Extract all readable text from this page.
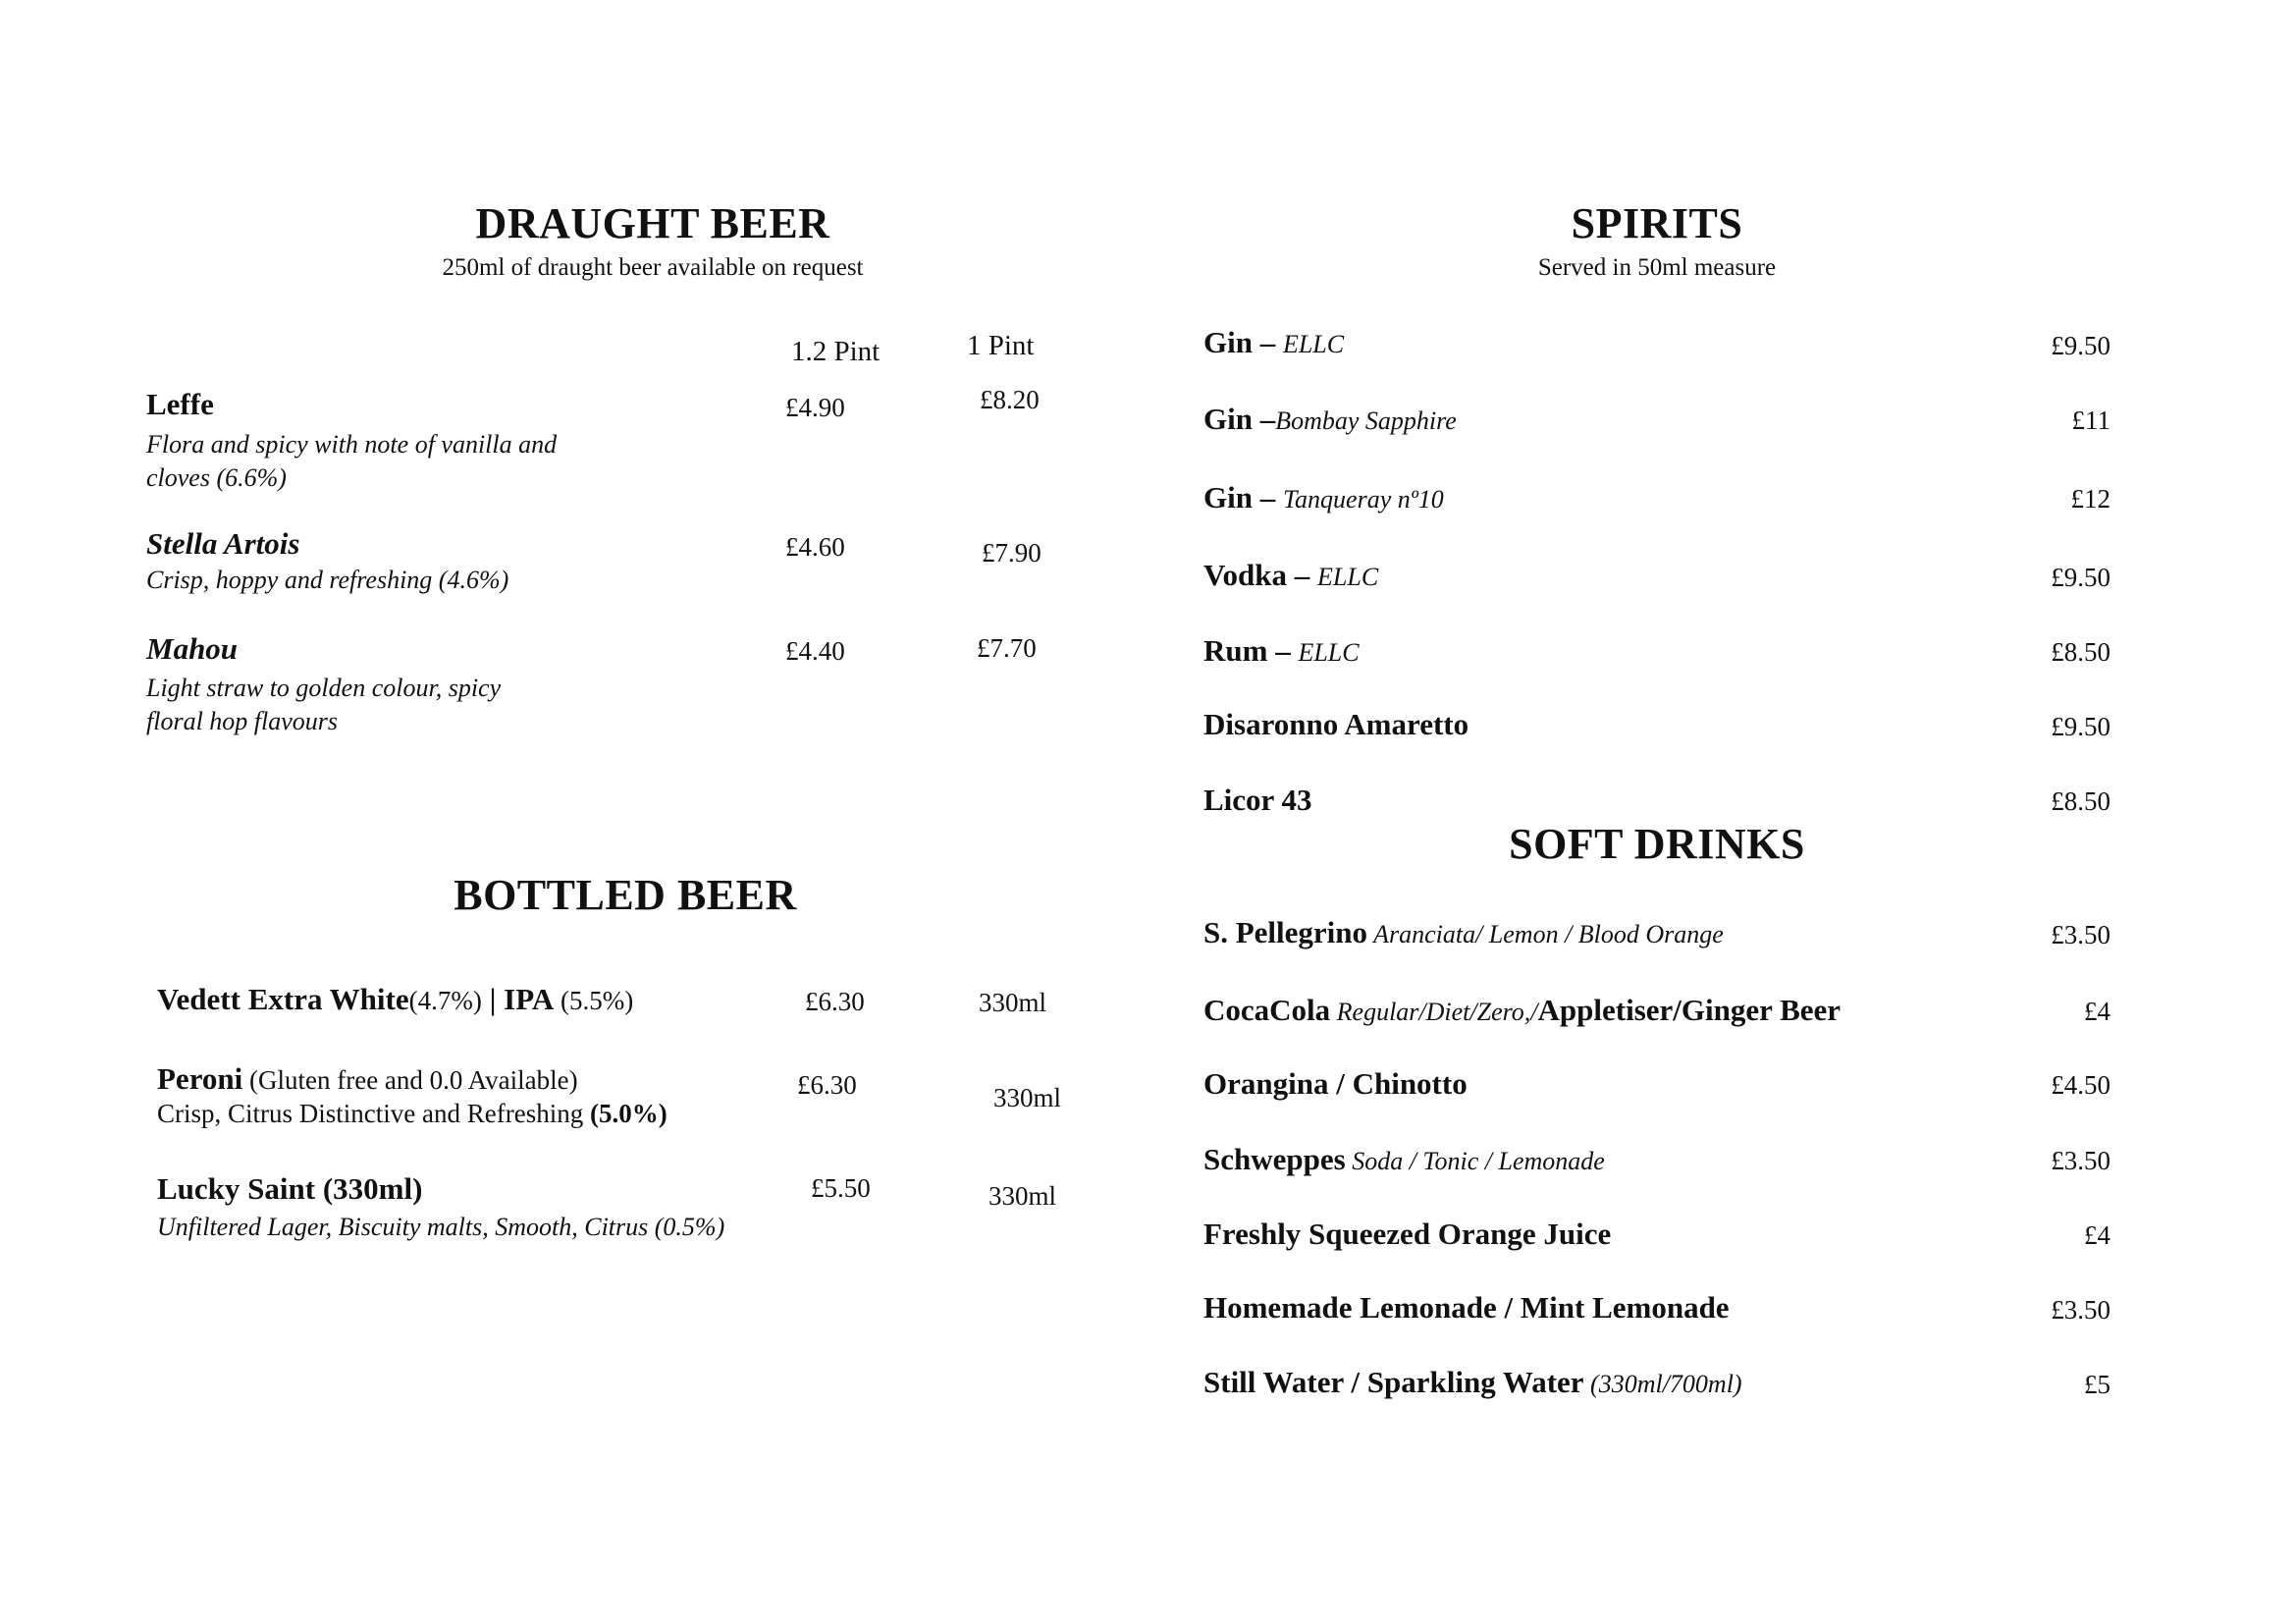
DRAUGHT BEER
250ml of draught beer available on request
1.2 Pint	1 Pint
Leffe
Flora and spicy with note of vanilla and cloves (6.6%)
£4.90	£8.20
Stella Artois
Crisp, hoppy and refreshing (4.6%)
£4.60	£7.90
Mahou
Light straw to golden colour, spicy floral hop flavours
£4.40	£7.70
BOTTLED BEER
Vedett Extra White(4.7%) | IPA (5.5%)	£6.30	330ml
Peroni (Gluten free and 0.0 Available)
Crisp, Citrus Distinctive and Refreshing (5.0%)
£6.30	330ml
Lucky Saint (330ml)
Unfiltered Lager, Biscuity malts, Smooth, Citrus (0.5%)
£5.50	330ml
SPIRITS
Served in 50ml measure
Gin – ELLC	£9.50
Gin –Bombay Sapphire	£11
Gin – Tanqueray nº10	£12
Vodka – ELLC	£9.50
Rum – ELLC	£8.50
Disaronno Amaretto	£9.50
Licor 43	£8.50
SOFT DRINKS
S. Pellegrino Aranciata/ Lemon / Blood Orange	£3.50
CocaCola Regular/Diet/Zero,/Appletiser/Ginger Beer	£4
Orangina / Chinotto	£4.50
Schweppes Soda / Tonic / Lemonade	£3.50
Freshly Squeezed Orange Juice	£4
Homemade Lemonade / Mint Lemonade	£3.50
Still Water / Sparkling Water (330ml/700ml)	£5
